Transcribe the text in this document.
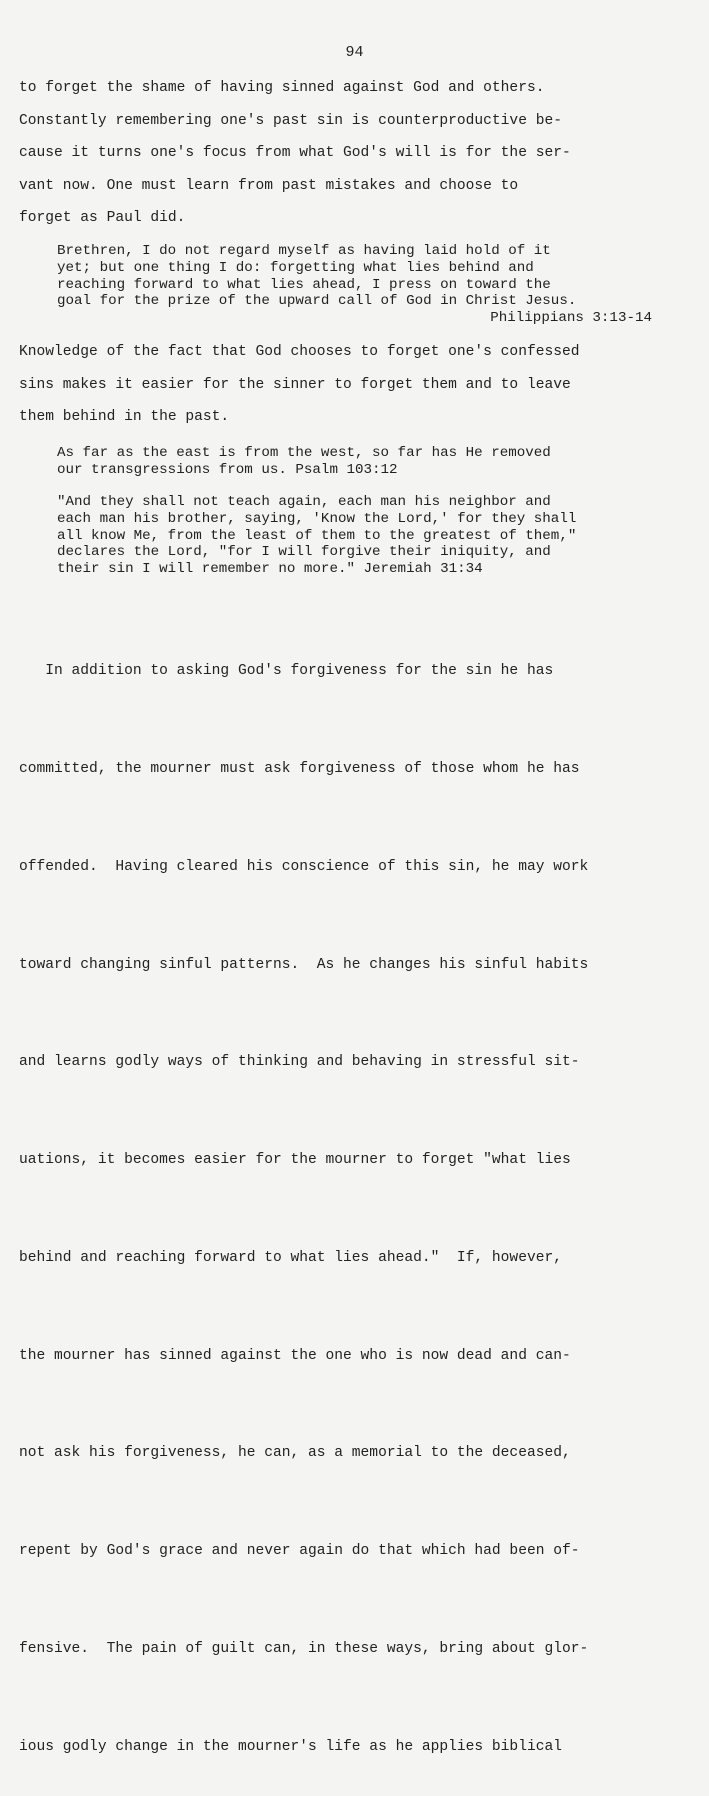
94
to forget the shame of having sinned against God and others.
Constantly remembering one's past sin is counterproductive be-
cause it turns one's focus from what God's will is for the ser-
vant now. One must learn from past mistakes and choose to
forget as Paul did.
Brethren, I do not regard myself as having laid hold of it
yet; but one thing I do: forgetting what lies behind and
reaching forward to what lies ahead, I press on toward the
goal for the prize of the upward call of God in Christ Jesus.
Philippians 3:13-14
Knowledge of the fact that God chooses to forget one's confessed
sins makes it easier for the sinner to forget them and to leave
them behind in the past.
As far as the east is from the west, so far has He removed
our transgressions from us. Psalm 103:12
"And they shall not teach again, each man his neighbor and
each man his brother, saying, 'Know the Lord,' for they shall
all know Me, from the least of them to the greatest of them,"
declares the Lord, "for I will forgive their iniquity, and
their sin I will remember no more." Jeremiah 31:34

In addition to asking God's forgiveness for the sin he has

committed, the mourner must ask forgiveness of those whom he has

offended.  Having cleared his conscience of this sin, he may work

toward changing sinful patterns.  As he changes his sinful habits

and learns godly ways of thinking and behaving in stressful sit-

uations, it becomes easier for the mourner to forget "what lies

behind and reaching forward to what lies ahead."  If, however,

the mourner has sinned against the one who is now dead and can-

not ask his forgiveness, he can, as a memorial to the deceased,

repent by God's grace and never again do that which had been of-

fensive.  The pain of guilt can, in these ways, bring about glor-

ious godly change in the mourner's life as he applies biblical
